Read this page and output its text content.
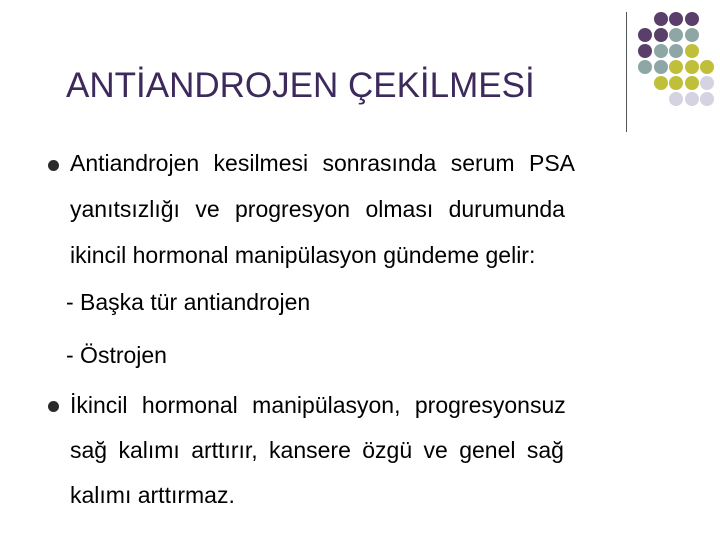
ANTİANDROJEN ÇEKİLMESİ
Antiandrojen kesilmesi sonrasında serum PSA
yanıtsızlığı ve progresyon olması durumunda
ikincil hormonal manipülasyon gündeme gelir:
- Başka tür antiandrojen
- Östrojen
İkincil hormonal manipülasyon, progresyonsuz
sağ kalımı arttırır, kansere özgü ve genel sağ
kalımı arttırmaz.
